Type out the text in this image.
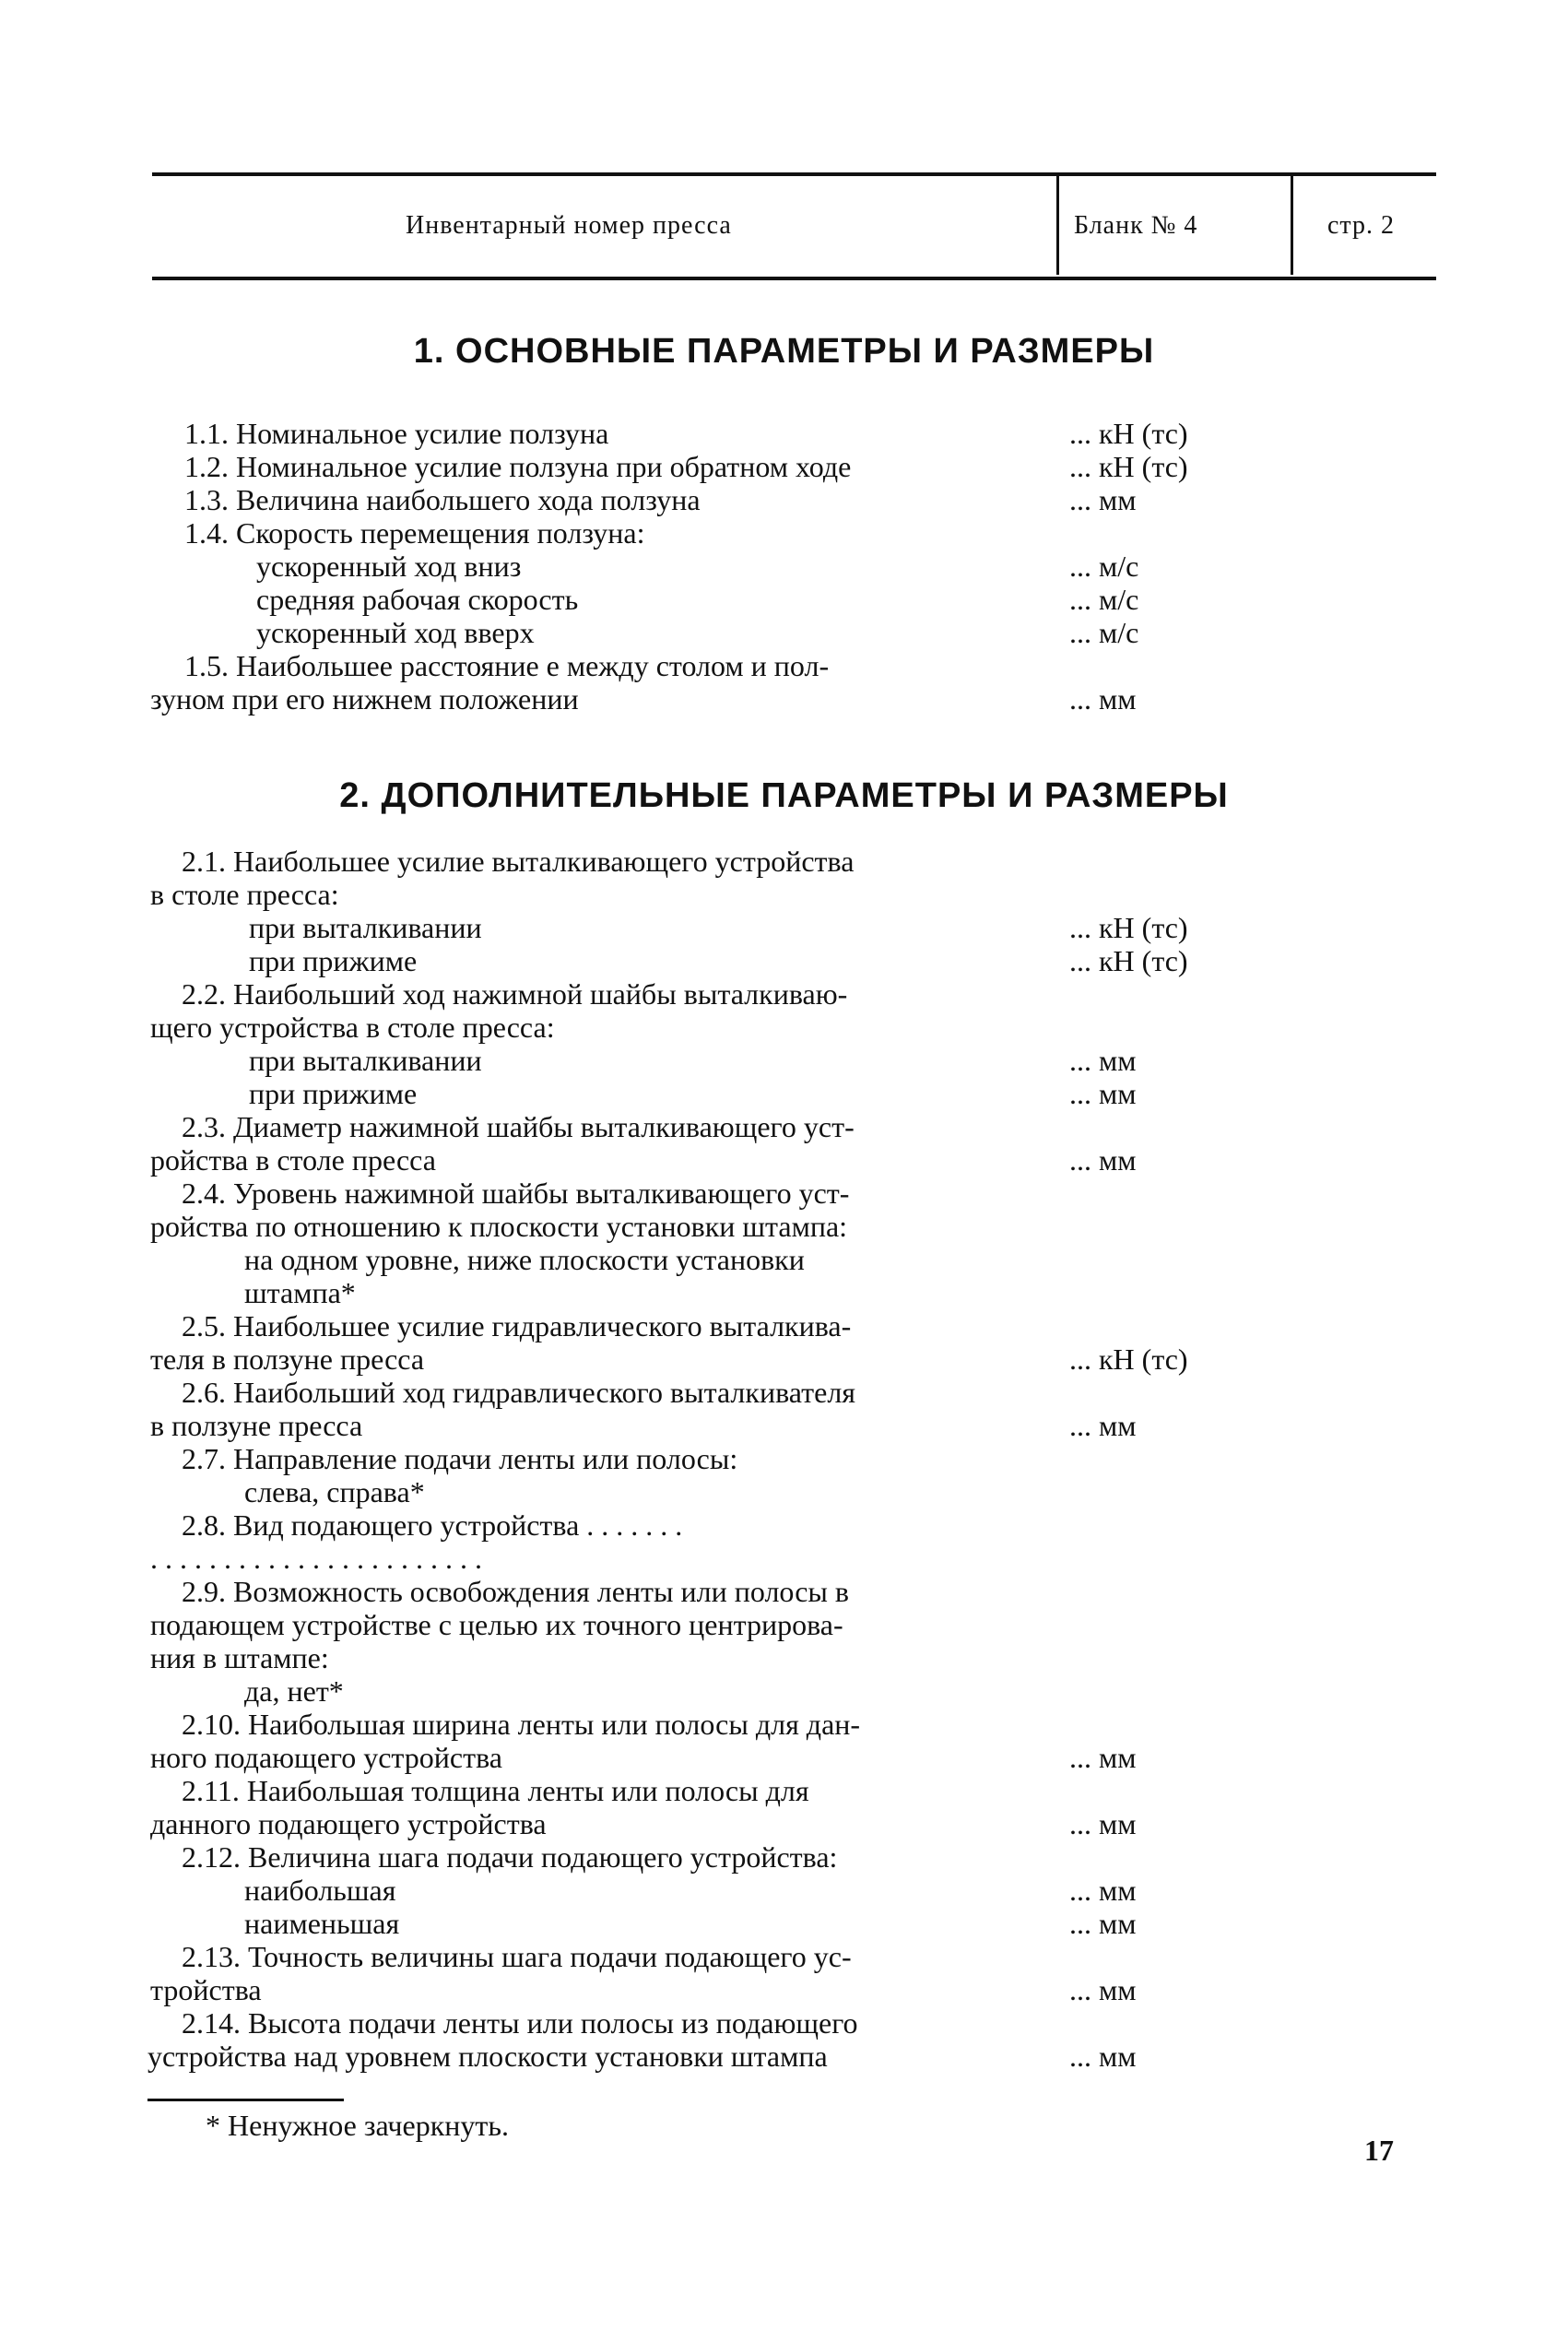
Инвентарный номер пресса	Бланк № 4	стр. 2
1. ОСНОВНЫЕ ПАРАМЕТРЫ И РАЗМЕРЫ
1.1. Номинальное усилие ползуна
1.2. Номинальное усилие ползуна при обратном ходе
1.3. Величина наибольшего хода ползуна
1.4. Скорость перемещения ползуна:
ускоренный ход вниз
средняя рабочая скорость
ускоренный ход вверх
1.5. Наибольшее расстояние е между столом и пол-
зуном при его нижнем положении
... кН (тс)
... кН (тс)
... мм
... м/с
... м/с
... м/с
... мм
2. ДОПОЛНИТЕЛЬНЫЕ ПАРАМЕТРЫ И РАЗМЕРЫ
2.1. Наибольшее усилие выталкивающего устройства
в столе пресса:
при выталкивании
при прижиме
2.2. Наибольший ход нажимной шайбы выталкиваю-
щего устройства в столе пресса:
при выталкивании
при прижиме
2.3. Диаметр нажимной шайбы выталкивающего уст-
ройства в столе пресса
2.4. Уровень нажимной шайбы выталкивающего уст-
ройства по отношению к плоскости установки штампа:
на одном уровне, ниже плоскости установки
штампа*
2.5. Наибольшее усилие гидравлического выталкива-
теля в ползуне пресса
2.6. Наибольший ход гидравлического выталкивателя
в ползуне пресса
2.7. Направление подачи ленты или полосы:
слева, справа*
2.8. Вид подающего устройства . . . . . . .
. . . . . . . . . . . . . . . . . . . . . . .
2.9. Возможность освобождения ленты или полосы в
подающем устройстве с целью их точного центрирова-
ния в штампе:
да, нет*
2.10. Наибольшая ширина ленты или полосы для дан-
ного подающего устройства
2.11. Наибольшая толщина ленты или полосы для
данного подающего устройства
2.12. Величина шага подачи подающего устройства:
наибольшая
наименьшая
2.13. Точность величины шага подачи подающего ус-
тройства
2.14. Высота подачи ленты или полосы из подающего
устройства над уровнем плоскости установки штампа
... кН (тс)
... кН (тс)
... мм
... мм
... мм
... кН (тс)
... мм
... мм
... мм
... мм
... мм
... мм
... мм
* Ненужное зачеркнуть.
17
